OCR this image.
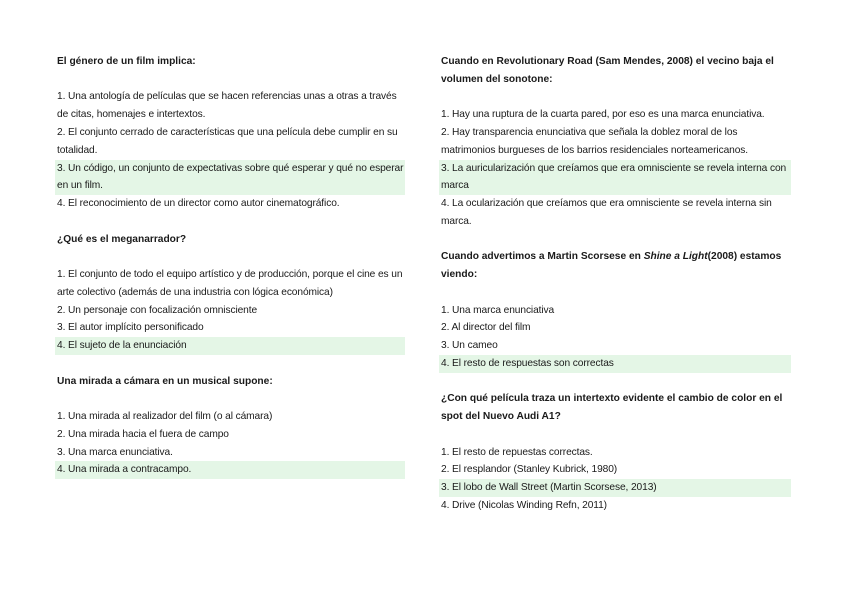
El género de un film implica:
1. Una antología de películas que se hacen referencias unas a otras a través de citas, homenajes e intertextos.
2. El conjunto cerrado de características que una película debe cumplir en su totalidad.
3. Un código, un conjunto de expectativas sobre qué esperar y qué no esperar en un film.
4. El reconocimiento de un director como autor cinematográfico.
¿Qué es el meganarrador?
1. El conjunto de todo el equipo artístico y de producción, porque el cine es un arte colectivo (además de una industria con lógica económica)
2. Un personaje con focalización omnisciente
3. El autor implícito personificado
4. El sujeto de la enunciación
Una mirada a cámara en un musical supone:
1. Una mirada al realizador del film (o al cámara)
2. Una mirada hacia el fuera de campo
3. Una marca enunciativa.
4. Una mirada a contracampo.
Cuando en Revolutionary Road (Sam Mendes, 2008) el vecino baja el volumen del sonotone:
1. Hay una ruptura de la cuarta pared, por eso es una marca enunciativa.
2. Hay transparencia enunciativa que señala la doblez moral de los matrimonios burgueses de los barrios residenciales norteamericanos.
3. La auricularización que creíamos que era omnisciente se revela interna con marca
4. La ocularización que creíamos que era omnisciente se revela interna sin marca.
Cuando advertimos a Martin Scorsese en Shine a Light(2008) estamos viendo:
1. Una marca enunciativa
2. Al director del film
3. Un cameo
4. El resto de respuestas son correctas
¿Con qué película traza un intertexto evidente el cambio de color en el spot del Nuevo Audi A1?
1. El resto de repuestas correctas.
2. El resplandor (Stanley Kubrick, 1980)
3. El lobo de Wall Street (Martin Scorsese, 2013)
4. Drive (Nicolas Winding Refn, 2011)
